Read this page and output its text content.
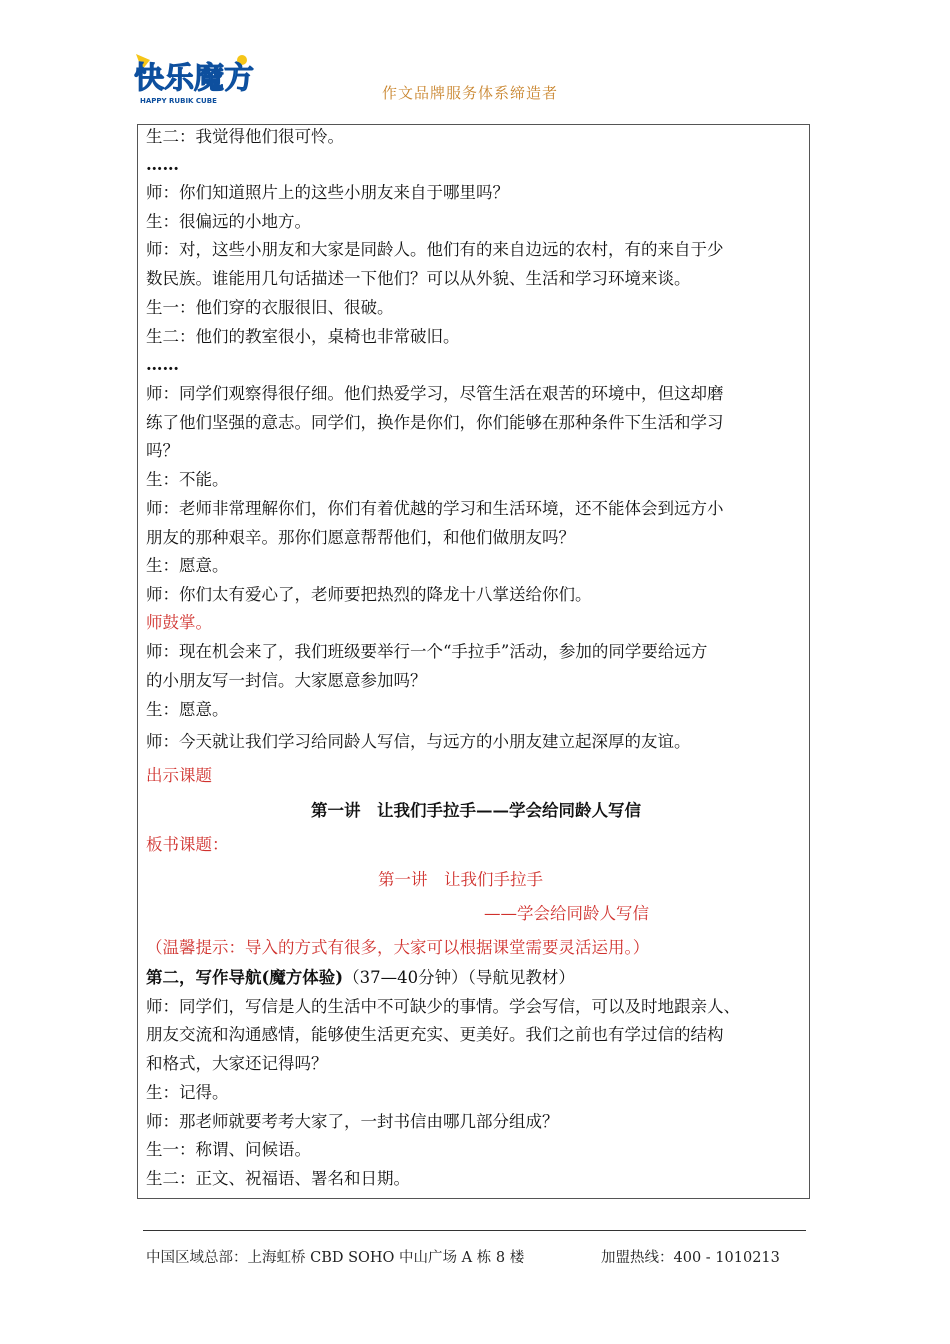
快乐魔方
HAPPY RUBIK CUBE	作文品牌服务体系缔造者
生二：我觉得他们很可怜。
……
师：你们知道照片上的这些小朋友来自于哪里吗？
生：很偏远的小地方。
师：对，这些小朋友和大家是同龄人。他们有的来自边远的农村，有的来自于少
数民族。谁能用几句话描述一下他们？可以从外貌、生活和学习环境来谈。
生一：他们穿的衣服很旧、很破。
生二：他们的教室很小，桌椅也非常破旧。
……
师：同学们观察得很仔细。他们热爱学习，尽管生活在艰苦的环境中，但这却磨
练了他们坚强的意志。同学们，换作是你们，你们能够在那种条件下生活和学习
吗？
生：不能。
师：老师非常理解你们，你们有着优越的学习和生活环境，还不能体会到远方小
朋友的那种艰辛。那你们愿意帮帮他们，和他们做朋友吗？
生：愿意。
师：你们太有爱心了，老师要把热烈的降龙十八掌送给你们。
师鼓掌。
师：现在机会来了，我们班级要举行一个“手拉手”活动，参加的同学要给远方
的小朋友写一封信。大家愿意参加吗？
生：愿意。
师：今天就让我们学习给同龄人写信，与远方的小朋友建立起深厚的友谊。
出示课题
第一讲　让我们手拉手——学会给同龄人写信
板书课题：
第一讲　让我们手拉手
——学会给同龄人写信
（温馨提示：导入的方式有很多，大家可以根据课堂需要灵活运用。）
第二，写作导航(魔方体验)（37—40分钟）（导航见教材）
师：同学们，写信是人的生活中不可缺少的事情。学会写信，可以及时地跟亲人、
朋友交流和沟通感情，能够使生活更充实、更美好。我们之前也有学过信的结构
和格式，大家还记得吗？
生：记得。
师：那老师就要考考大家了，一封书信由哪几部分组成？
生一：称谓、问候语。
生二：正文、祝福语、署名和日期。
中国区域总部：上海虹桥 CBD SOHO 中山广场 A 栋 8 楼	加盟热线：400 - 1010213
